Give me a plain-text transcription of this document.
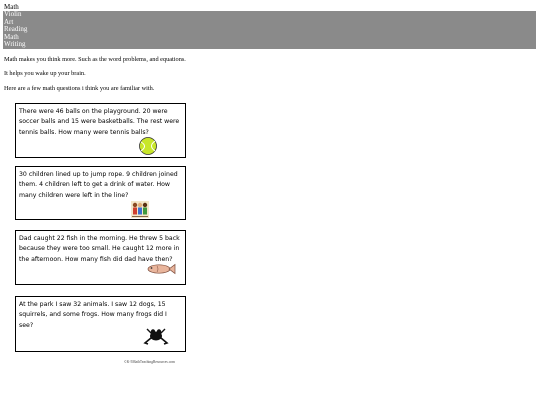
Math
Violin
Art
Reading
Math
Writing

Math makes you think more. Such as the word problems, and equations.

It helps you wake up your brain.

Here are a few math questions i think you are familiar with.

There were 46 balls on the playground. 20 were soccer balls and 15 were basketballs. The rest were tennis balls. How many were tennis balls?

30 children lined up to jump rope. 9 children joined them. 4 children left to get a drink of water. How many children were left in the line?

Dad caught 22 fish in the morning. He threw 5 back because they were too small. He caught 12 more in the afternoon. How many fish did dad have then?

At the park I saw 32 animals. I saw 12 dogs, 15 squirrels, and some frogs. How many frogs did I see?

©K-5MathTeachingResources.com
